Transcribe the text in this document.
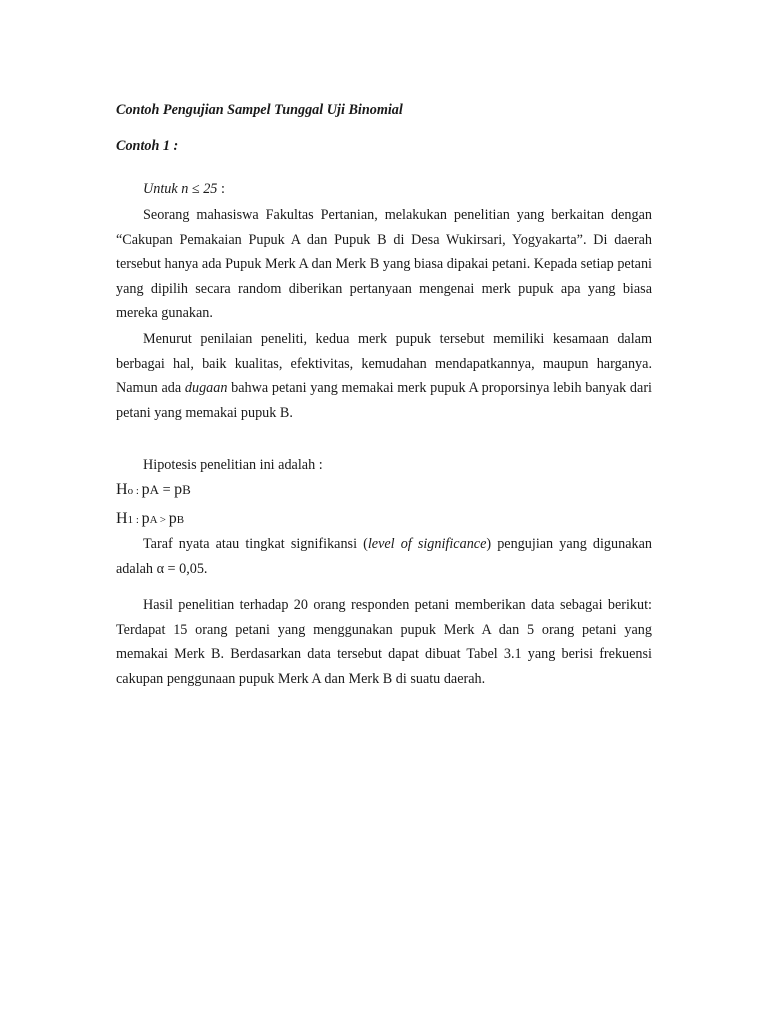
Contoh Pengujian Sampel Tunggal Uji Binomial
Contoh 1 :
Untuk n ≤ 25 :
Seorang mahasiswa Fakultas Pertanian, melakukan penelitian yang berkaitan dengan “Cakupan Pemakaian Pupuk A dan Pupuk B di Desa Wukirsari, Yogyakarta”. Di daerah tersebut hanya ada Pupuk Merk A dan Merk B yang biasa dipakai petani. Kepada setiap petani yang dipilih secara random diberikan pertanyaan mengenai merk pupuk apa yang biasa mereka gunakan.
Menurut penilaian peneliti, kedua merk pupuk tersebut memiliki kesamaan dalam berbagai hal, baik kualitas, efektivitas, kemudahan mendapatkannya, maupun harganya. Namun ada dugaan bahwa petani yang memakai merk pupuk A proporsinya lebih banyak dari petani yang memakai pupuk B.
Hipotesis penelitian ini adalah :
Ho : pA = pB
H1 : pA > pB
Taraf nyata atau tingkat signifikansi (level of significance) pengujian yang digunakan adalah α = 0,05.
Hasil penelitian terhadap 20 orang responden petani memberikan data sebagai berikut: Terdapat 15 orang petani yang menggunakan pupuk Merk A dan 5 orang petani yang memakai Merk B. Berdasarkan data tersebut dapat dibuat Tabel 3.1 yang berisi frekuensi cakupan penggunaan pupuk Merk A dan Merk B di suatu daerah.
